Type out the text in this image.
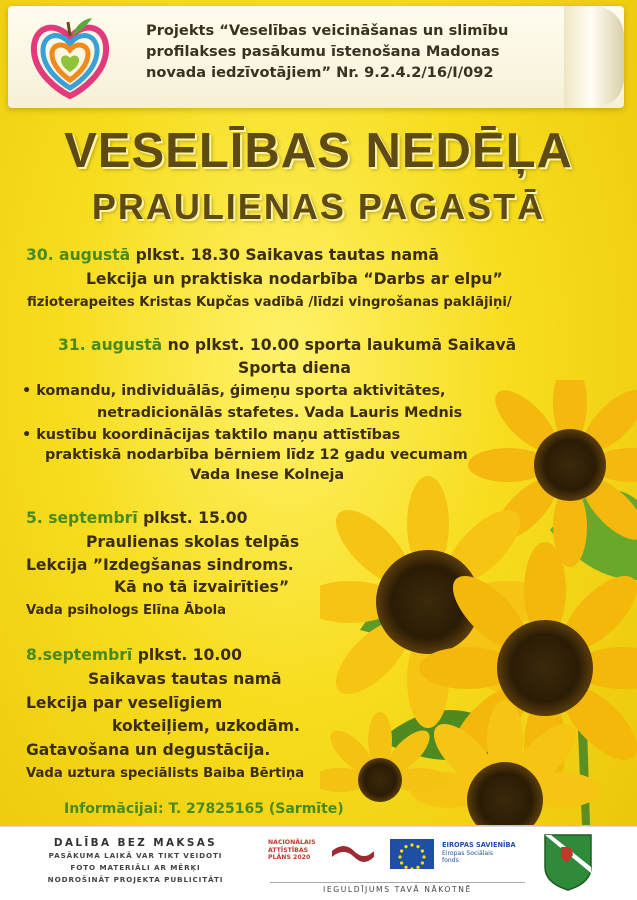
Projekts “Veselības veicināšanas un slimību
profilakses pasākumu īstenošana Madonas
novada iedzīvotājiem” Nr. 9.2.4.2/16/I/092
VESELĪBAS NEDĒĻA
PRAULIENAS PAGASTĀ
30. augustā plkst. 18.30 Saikavas tautas namā
Lekcija un praktiska nodarbība “Darbs ar elpu”
fizioterapeites Kristas Kupčas vadībā /līdzi vingrošanas paklājiņi/
31. augustā no plkst. 10.00 sporta laukumā Saikavā
Sporta diena
• komandu, individuālās, ģimeņu sporta aktivitātes,
netradicionālās stafetes. Vada Lauris Mednis
• kustību koordinācijas taktilo maņu attīstības
praktiskā nodarbība bērniem līdz 12 gadu vecumam
Vada Inese Kolneja
5. septembrī plkst. 15.00
Praulienas skolas telpās
Lekcija ”Izdegšanas sindroms.
Kā no tā izvairīties”
Vada psihologs Elīna Ābola
8.septembrī plkst. 10.00
Saikavas tautas namā
Lekcija par veselīgiem
kokteiļiem, uzkodām.
Gatavošana un degustācija.
Vada uztura speciālists Baiba Bērtiņa
Informācijai: T. 27825165 (Sarmīte)
DALĪBA BEZ MAKSAS
PASĀKUMA LAIKĀ VAR TIKT VEIDOTI
FOTO MATERIĀLI AR MĒRĶI
NODROŠINĀT PROJEKTA PUBLICITĀTI
NACIONĀLAIS
ATTĪSTĪBAS
PLĀNS 2020
EIROPAS SAVIENĪBA
Eiropas Sociālais
fonds
IEGULDĪJUMS TAVĀ NĀKOTNĒ
